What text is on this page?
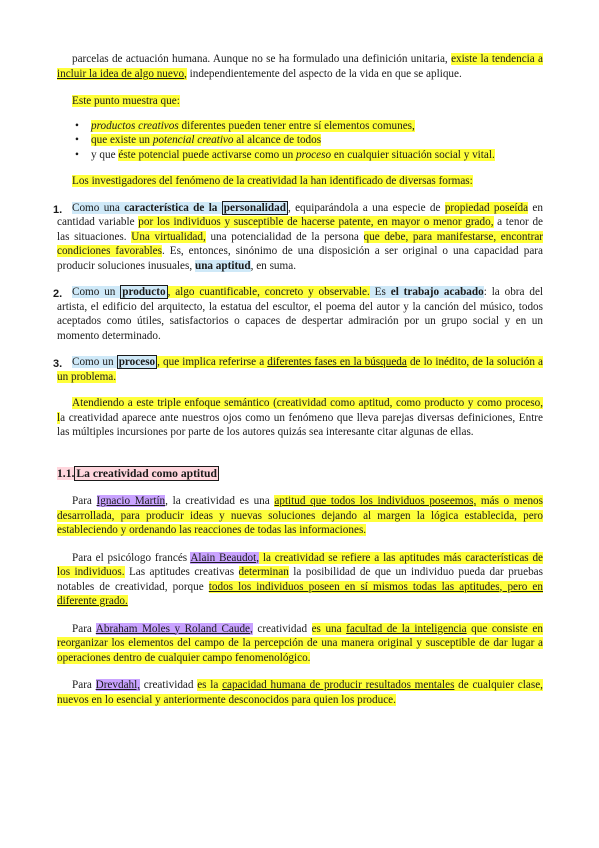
parcelas de actuación humana. Aunque no se ha formulado una definición unitaria, existe la tendencia a incluir la idea de algo nuevo, independientemente del aspecto de la vida en que se aplique.

Este punto muestra que:

• productos creativos diferentes pueden tener entre sí elementos comunes,
• que existe un potencial creativo al alcance de todos
• y que éste potencial puede activarse como un proceso en cualquier situación social y vital.

Los investigadores del fenómeno de la creatividad la han identificado de diversas formas:

1. Como una característica de la personalidad , equiparándola a una especie de propiedad poseída en cantidad variable por los individuos y susceptible de hacerse patente, en mayor o menor grado, a tenor de las situaciones. Una virtualidad, una potencialidad de la persona que debe, para manifestarse, encontrar condiciones favorables. Es, entonces, sinónimo de una disposición a ser original o una capacidad para producir soluciones inusuales, una aptitud, en suma.

2. Como un producto , algo cuantificable, concreto y observable. Es el trabajo acabado: la obra del artista, el edificio del arquitecto, la estatua del escultor, el poema del autor y la canción del músico, todos aceptados como útiles, satisfactorios o capaces de despertar admiración por un grupo social y en un momento determinado.

3. Como un proceso , que implica referirse a diferentes fases en la búsqueda de lo inédito, de la solución a un problema.

Atendiendo a este triple enfoque semántico (creatividad como aptitud, como producto y como proceso, la creatividad aparece ante nuestros ojos como un fenómeno que lleva parejas diversas definiciones, Entre las múltiples incursiones por parte de los autores quizás sea interesante citar algunas de ellas.

1.1. La creatividad como aptitud

Para Ignacio Martín, la creatividad es una aptitud que todos los individuos poseemos, más o menos desarrollada, para producir ideas y nuevas soluciones dejando al margen la lógica establecida, pero estableciendo y ordenando las reacciones de todas las informaciones.

Para el psicólogo francés Alain Beaudot, la creatividad se refiere a las aptitudes más características de los individuos. Las aptitudes creativas determinan la posibilidad de que un individuo pueda dar pruebas notables de creatividad, porque todos los individuos poseen en sí mismos todas las aptitudes, pero en diferente grado.

Para Abraham Moles y Roland Caude, creatividad es una facultad de la inteligencia que consiste en reorganizar los elementos del campo de la percepción de una manera original y susceptible de dar lugar a operaciones dentro de cualquier campo fenomenológico.

Para Drevdahl, creatividad es la capacidad humana de producir resultados mentales de cualquier clase, nuevos en lo esencial y anteriormente desconocidos para quien los produce.
